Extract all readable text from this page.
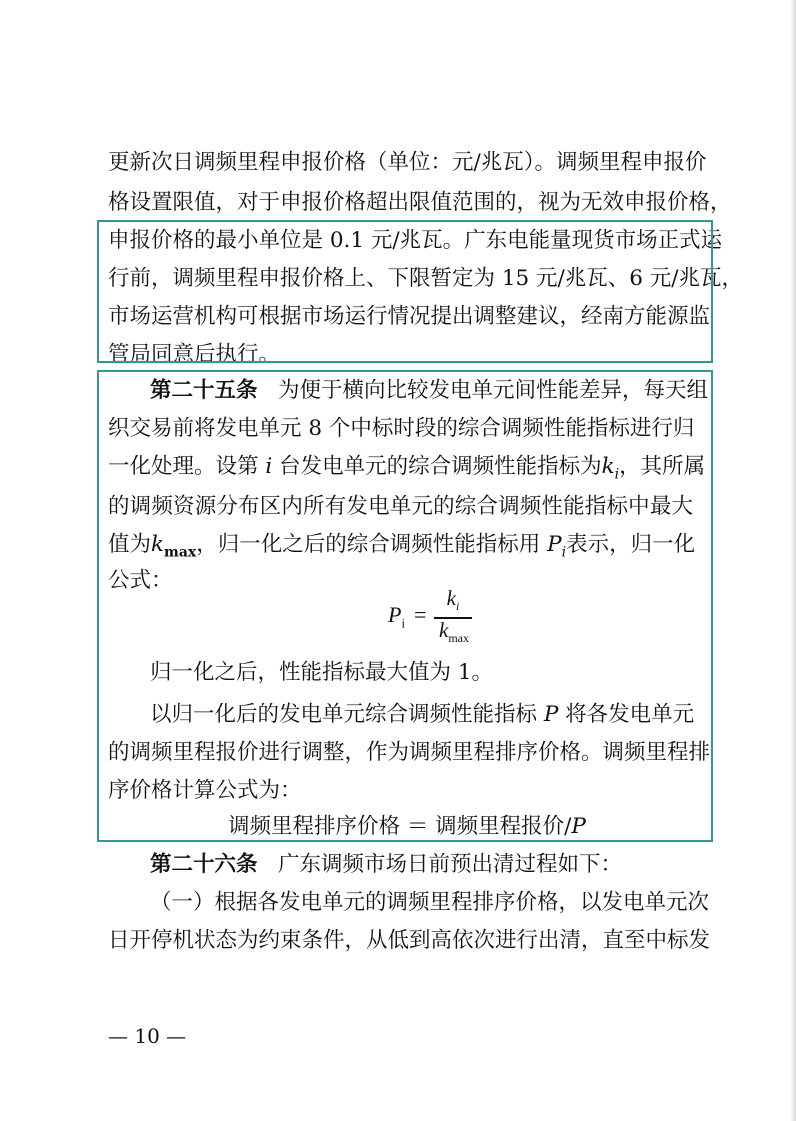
更新次日调频里程申报价格（单位：元/兆瓦）。调频里程申报价
格设置限值，对于申报价格超出限值范围的，视为无效申报价格，
申报价格的最小单位是 0.1 元/兆瓦。广东电能量现货市场正式运
行前，调频里程申报价格上、下限暂定为 15 元/兆瓦、6 元/兆瓦，
市场运营机构可根据市场运行情况提出调整建议，经南方能源监
管局同意后执行。
第二十五条 为便于横向比较发电单元间性能差异，每天组
织交易前将发电单元 8 个中标时段的综合调频性能指标进行归
一化处理。设第 i 台发电单元的综合调频性能指标为$k_i$，其所属
的调频资源分布区内所有发电单元的综合调频性能指标中最大
值为$k_{max}$，归一化之后的综合调频性能指标用 $P_i$表示，归一化
公式：
$P_i$ =
$k_i$
$k_{max}$
归一化之后，性能指标最大值为 1。
以归一化后的发电单元综合调频性能指标 P 将各发电单元
的调频里程报价进行调整，作为调频里程排序价格。调频里程排
序价格计算公式为：
调频里程排序价格 ＝ 调频里程报价/P
第二十六条 广东调频市场日前预出清过程如下：
（一）根据各发电单元的调频里程排序价格，以发电单元次
日开停机状态为约束条件，从低到高依次进行出清，直至中标发
— 10 —
